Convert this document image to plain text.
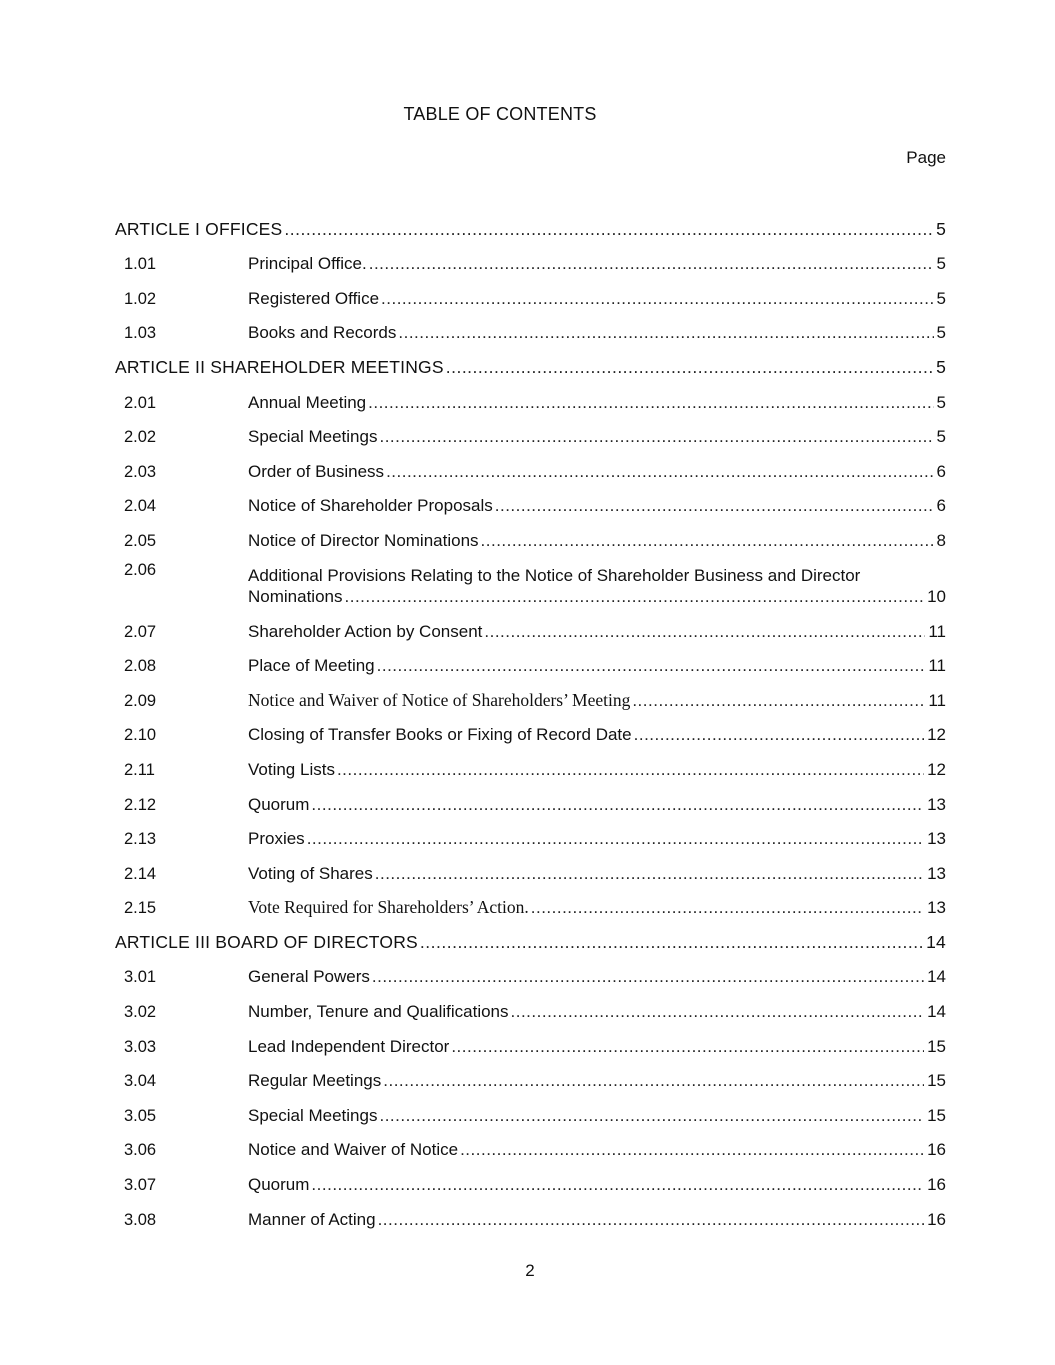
TABLE OF CONTENTS
Page
ARTICLE I OFFICES .....	5
1.01	Principal Office. .....	5
1.02	Registered Office .....	5
1.03	Books and Records .....	5
ARTICLE II SHAREHOLDER MEETINGS .....	5
2.01	Annual Meeting .....	5
2.02	Special Meetings .....	5
2.03	Order of Business .....	6
2.04	Notice of Shareholder Proposals .....	6
2.05	Notice of Director Nominations .....	8
2.06	Additional Provisions Relating to the Notice of Shareholder Business and Director
Nominations .....	10
2.07	Shareholder Action by Consent .....	11
2.08	Place of Meeting .....	11
2.09	Notice and Waiver of Notice of Shareholders’ Meeting .....	11
2.10	Closing of Transfer Books or Fixing of Record Date .....	12
2.11	Voting Lists .....	12
2.12	Quorum .....	13
2.13	Proxies .....	13
2.14	Voting of Shares .....	13
2.15	Vote Required for Shareholders’ Action. .....	13
ARTICLE III BOARD OF DIRECTORS .....	14
3.01	General Powers .....	14
3.02	Number, Tenure and Qualifications .....	14
3.03	Lead Independent Director .....	15
3.04	Regular Meetings .....	15
3.05	Special Meetings .....	15
3.06	Notice and Waiver of Notice .....	16
3.07	Quorum .....	16
3.08	Manner of Acting .....	16
2
